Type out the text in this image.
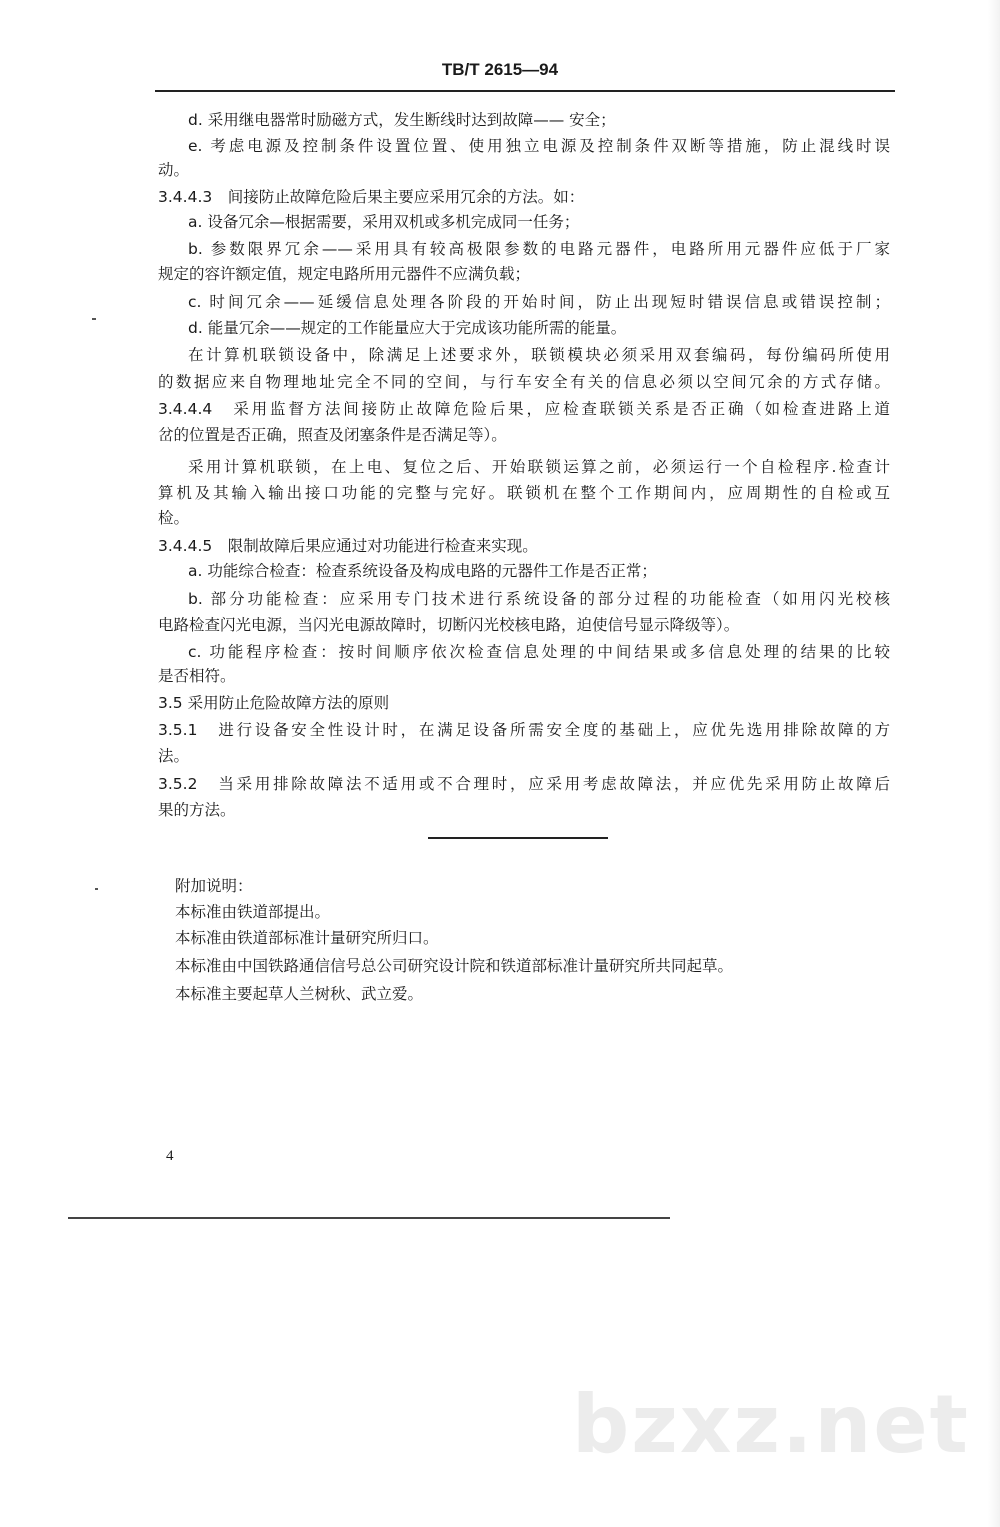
TB/T 2615—94
d. 采用继电器常时励磁方式，发生断线时达到故障—— 安全；
e. 考虑电源及控制条件设置位置、使用独立电源及控制条件双断等措施，防止混线时误
动。
3.4.4.3　间接防止故障危险后果主要应采用冗余的方法。如：
a. 设备冗余—根据需要，采用双机或多机完成同一任务；
b. 参数限界冗余——采用具有较高极限参数的电路元器件，电路所用元器件应低于厂家
规定的容许额定值，规定电路所用元器件不应满负载；
c. 时间冗余——延缓信息处理各阶段的开始时间，防止出现短时错误信息或错误控制；
d. 能量冗余——规定的工作能量应大于完成该功能所需的能量。
在计算机联锁设备中，除满足上述要求外，联锁模块必须采用双套编码，每份编码所使用
的数据应来自物理地址完全不同的空间，与行车安全有关的信息必须以空间冗余的方式存储。
3.4.4.4　采用监督方法间接防止故障危险后果，应检查联锁关系是否正确（如检查进路上道
岔的位置是否正确，照查及闭塞条件是否满足等）。
采用计算机联锁，在上电、复位之后、开始联锁运算之前，必须运行一个自检程序.检查计
算机及其输入输出接口功能的完整与完好。联锁机在整个工作期间内，应周期性的自检或互
检。
3.4.4.5　限制故障后果应通过对功能进行检查来实现。
a. 功能综合检查：检查系统设备及构成电路的元器件工作是否正常；
b. 部分功能检查：应采用专门技术进行系统设备的部分过程的功能检查（如用闪光校核
电路检查闪光电源，当闪光电源故障时，切断闪光校核电路，迫使信号显示降级等）。
c. 功能程序检查：按时间顺序依次检查信息处理的中间结果或多信息处理的结果的比较
是否相符。
3.5 采用防止危险故障方法的原则
3.5.1　进行设备安全性设计时，在满足设备所需安全度的基础上，应优先选用排除故障的方
法。
3.5.2　当采用排除故障法不适用或不合理时，应采用考虑故障法，并应优先采用防止故障后
果的方法。
附加说明：
本标准由铁道部提出。
本标准由铁道部标准计量研究所归口。
本标准由中国铁路通信信号总公司研究设计院和铁道部标准计量研究所共同起草。
本标准主要起草人兰树秋、武立爱。
4
bzxz.net
